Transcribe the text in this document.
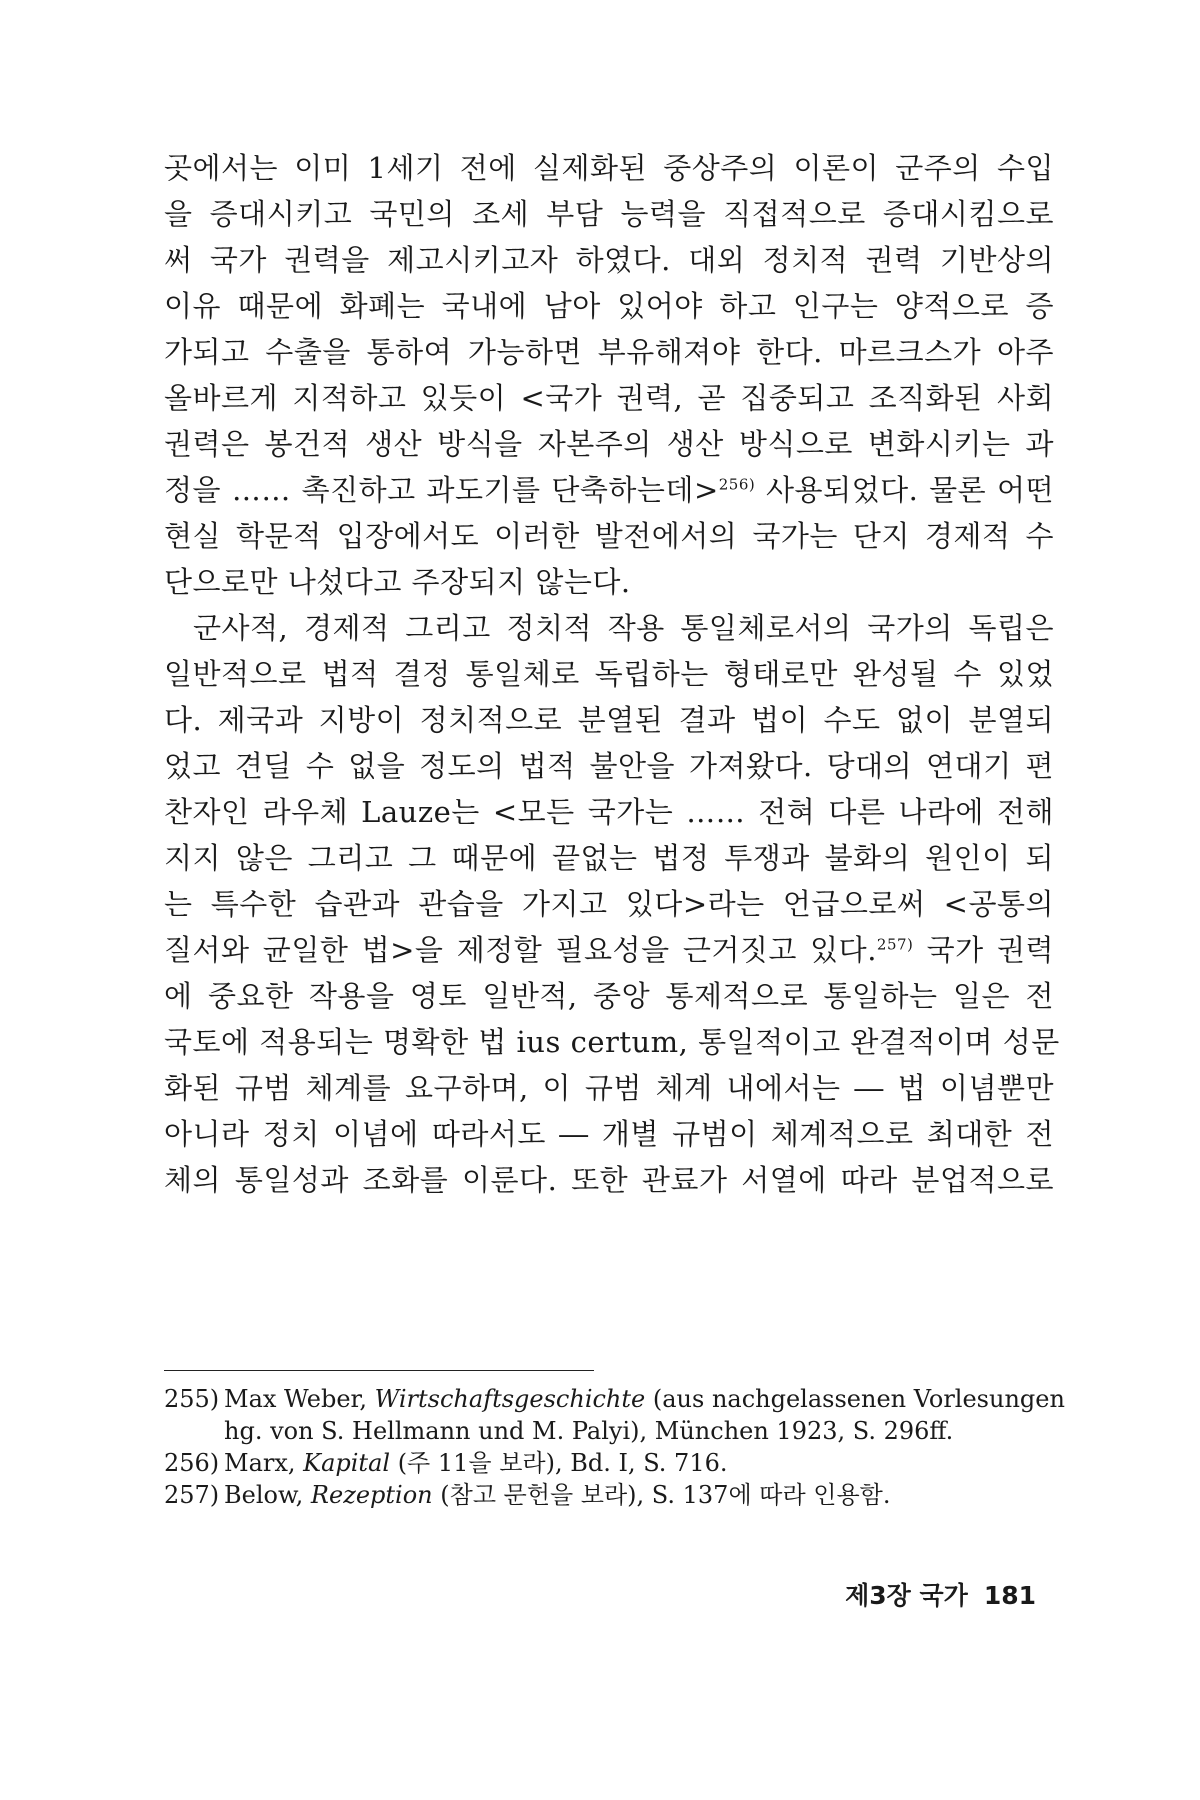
곳에서는 이미 1세기 전에 실제화된 중상주의 이론이 군주의 수입
을 증대시키고 국민의 조세 부담 능력을 직접적으로 증대시킴으로
써 국가 권력을 제고시키고자 하였다. 대외 정치적 권력 기반상의
이유 때문에 화폐는 국내에 남아 있어야 하고 인구는 양적으로 증
가되고 수출을 통하여 가능하면 부유해져야 한다. 마르크스가 아주
올바르게 지적하고 있듯이 <국가 권력, 곧 집중되고 조직화된 사회
권력은 봉건적 생산 방식을 자본주의 생산 방식으로 변화시키는 과
정을 …… 촉진하고 과도기를 단축하는데>$^{256)}$ 사용되었다. 물론 어떤
현실 학문적 입장에서도 이러한 발전에서의 국가는 단지 경제적 수
단으로만 나섰다고 주장되지 않는다.
군사적, 경제적 그리고 정치적 작용 통일체로서의 국가의 독립은
일반적으로 법적 결정 통일체로 독립하는 형태로만 완성될 수 있었
다. 제국과 지방이 정치적으로 분열된 결과 법이 수도 없이 분열되
었고 견딜 수 없을 정도의 법적 불안을 가져왔다. 당대의 연대기 편
찬자인 라우체 Lauze는 <모든 국가는 …… 전혀 다른 나라에 전해
지지 않은 그리고 그 때문에 끝없는 법정 투쟁과 불화의 원인이 되
는 특수한 습관과 관습을 가지고 있다>라는 언급으로써 <공통의
질서와 균일한 법>을 제정할 필요성을 근거짓고 있다.$^{257)}$ 국가 권력
에 중요한 작용을 영토 일반적, 중앙 통제적으로 통일하는 일은 전
국토에 적용되는 명확한 법 ius certum, 통일적이고 완결적이며 성문
화된 규범 체계를 요구하며, 이 규범 체계 내에서는 ― 법 이념뿐만
아니라 정치 이념에 따라서도 ― 개별 규범이 체계적으로 최대한 전
체의 통일성과 조화를 이룬다. 또한 관료가 서열에 따라 분업적으로
255) Max Weber, Wirtschaftsgeschichte (aus nachgelassenen Vorlesungen
hg. von S. Hellmann und M. Palyi), München 1923, S. 296ff.
256) Marx, Kapital (주 11을 보라), Bd. I, S. 716.
257) Below, Rezeption (참고 문헌을 보라), S. 137에 따라 인용함.
제3장 국가 181
